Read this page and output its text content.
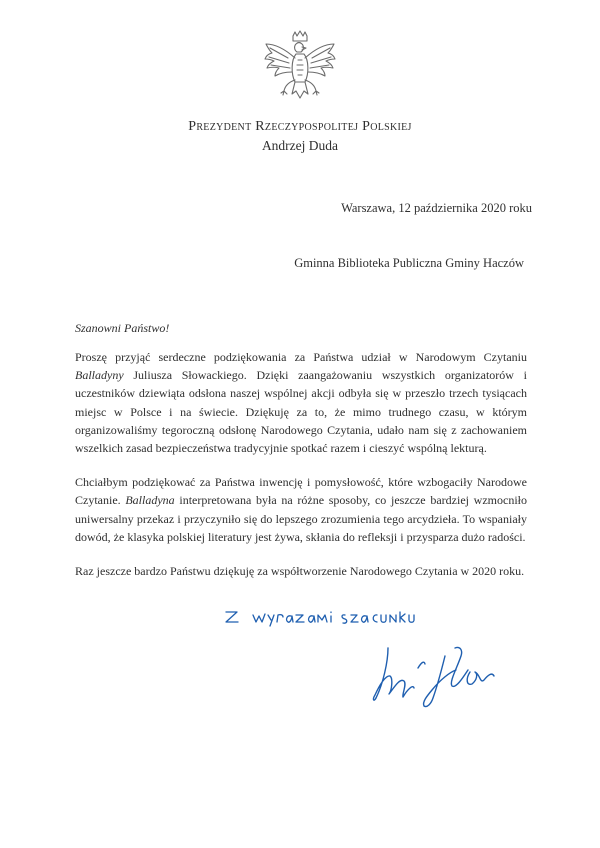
Prezydent Rzeczypospolitej Polskiej
Andrzej Duda
Warszawa, 12 października 2020 roku
Gminna Biblioteka Publiczna Gminy Haczów
Szanowni Państwo!

Proszę przyjąć serdeczne podziękowania za Państwa udział w Narodowym Czytaniu Balladyny Juliusza Słowackiego. Dzięki zaangażowaniu wszystkich organizatorów i uczestników dziewiąta odsłona naszej wspólnej akcji odbyła się w przeszło trzech tysiącach miejsc w Polsce i na świecie. Dziękuję za to, że mimo trudnego czasu, w którym organizowaliśmy tegoroczną odsłonę Narodowego Czytania, udało nam się z zachowaniem wszelkich zasad bezpieczeństwa tradycyjnie spotkać razem i cieszyć wspólną lekturą.

Chciałbym podziękować za Państwa inwencję i pomysłowość, które wzbogaciły Narodowe Czytanie. Balladyna interpretowana była na różne sposoby, co jeszcze bardziej wzmocniło uniwersalny przekaz i przyczyniło się do lepszego zrozumienia tego arcydzieła. To wspaniały dowód, że klasyka polskiej literatury jest żywa, skłania do refleksji i przysparza dużo radości.

Raz jeszcze bardzo Państwu dziękuję za współtworzenie Narodowego Czytania w 2020 roku.
